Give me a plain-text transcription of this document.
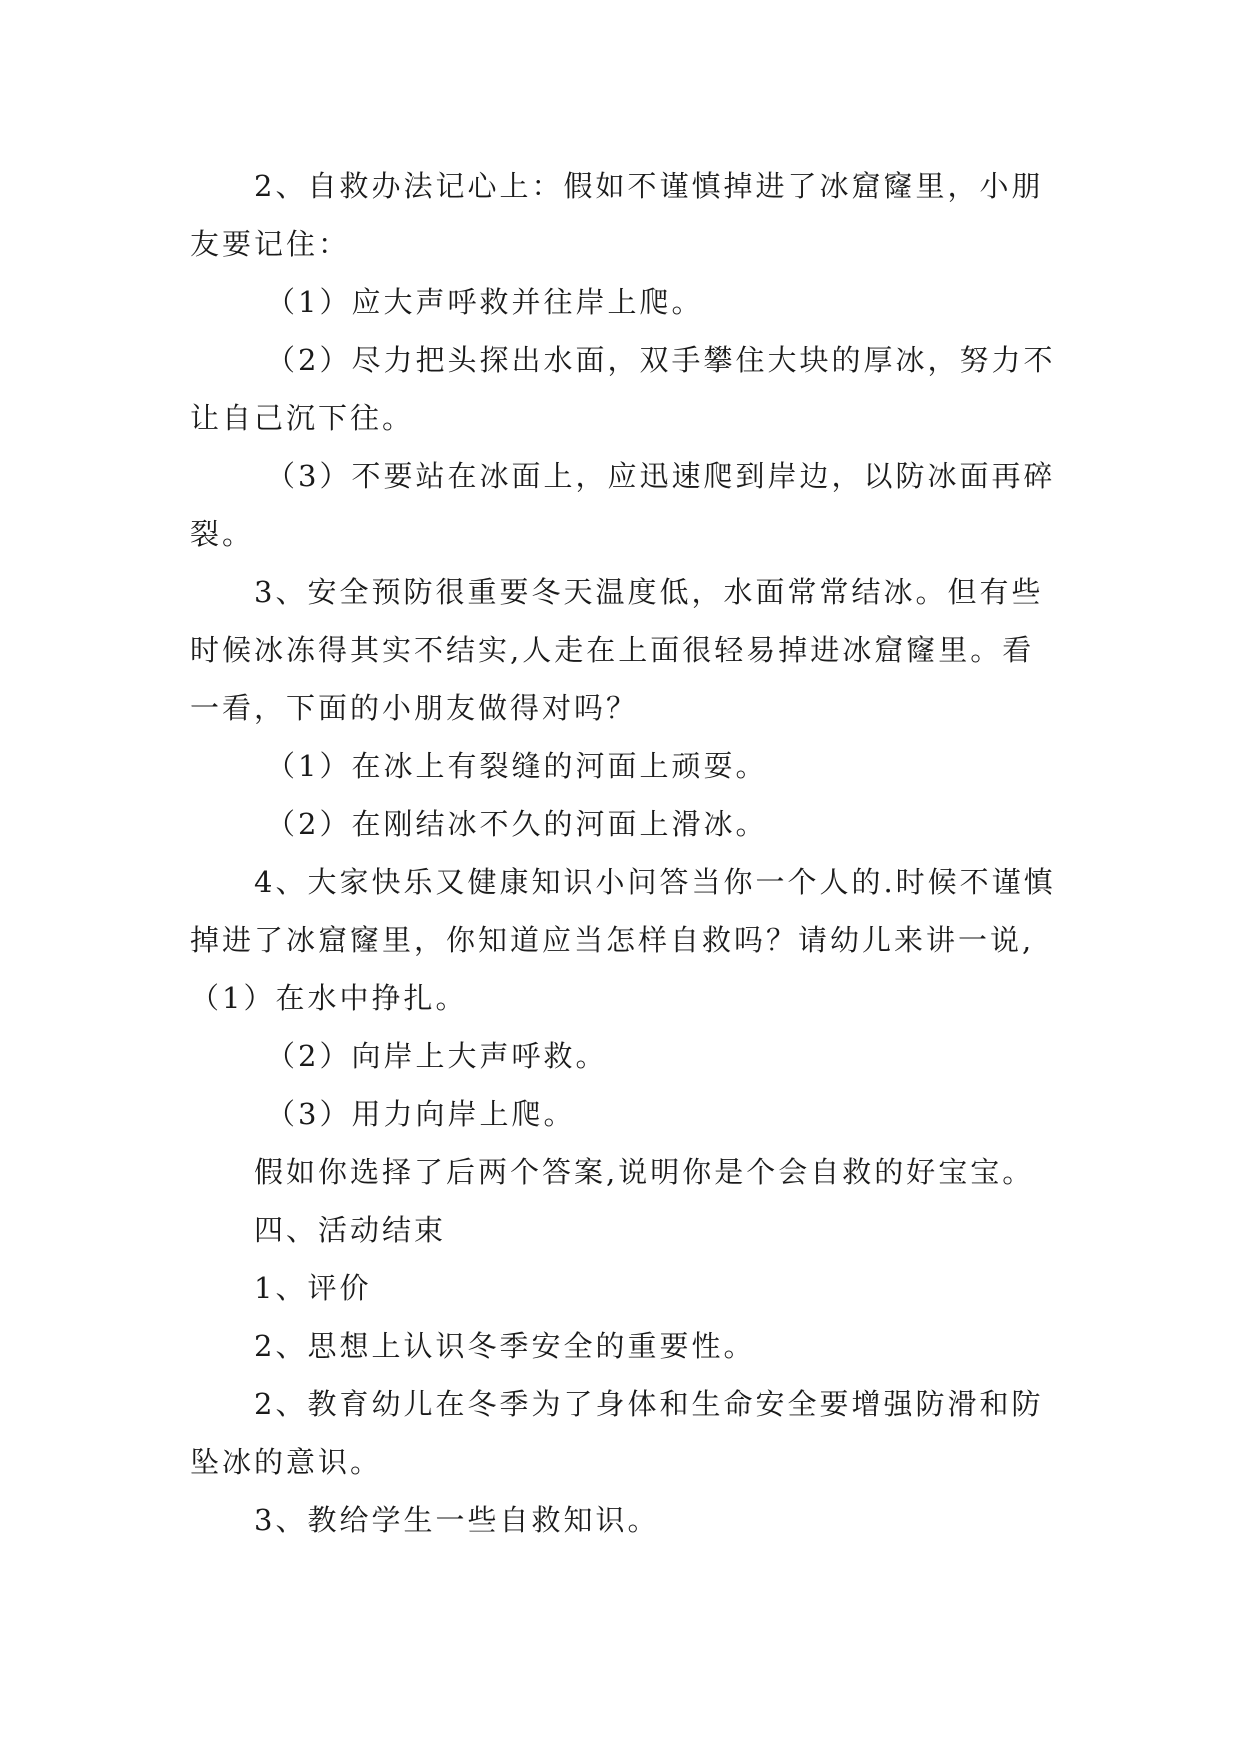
2、自救办法记心上：假如不谨慎掉进了冰窟窿里，小朋友要记住：

（1）应大声呼救并往岸上爬。

（2）尽力把头探出水面，双手攀住大块的厚冰，努力不让自己沉下往。

（3）不要站在冰面上，应迅速爬到岸边，以防冰面再碎裂。

3、安全预防很重要冬天温度低，水面常常结冰。但有些时候冰冻得其实不结实,人走在上面很轻易掉进冰窟窿里。看一看，下面的小朋友做得对吗？

（1）在冰上有裂缝的河面上顽耍。

（2）在刚结冰不久的河面上滑冰。

4、大家快乐又健康知识小问答当你一个人的.时候不谨慎掉进了冰窟窿里，你知道应当怎样自救吗？请幼儿来讲一说,（1）在水中挣扎。

（2）向岸上大声呼救。

（3）用力向岸上爬。

假如你选择了后两个答案,说明你是个会自救的好宝宝。

四、活动结束

1、评价

2、思想上认识冬季安全的重要性。

2、教育幼儿在冬季为了身体和生命安全要增强防滑和防坠冰的意识。

3、教给学生一些自救知识。
